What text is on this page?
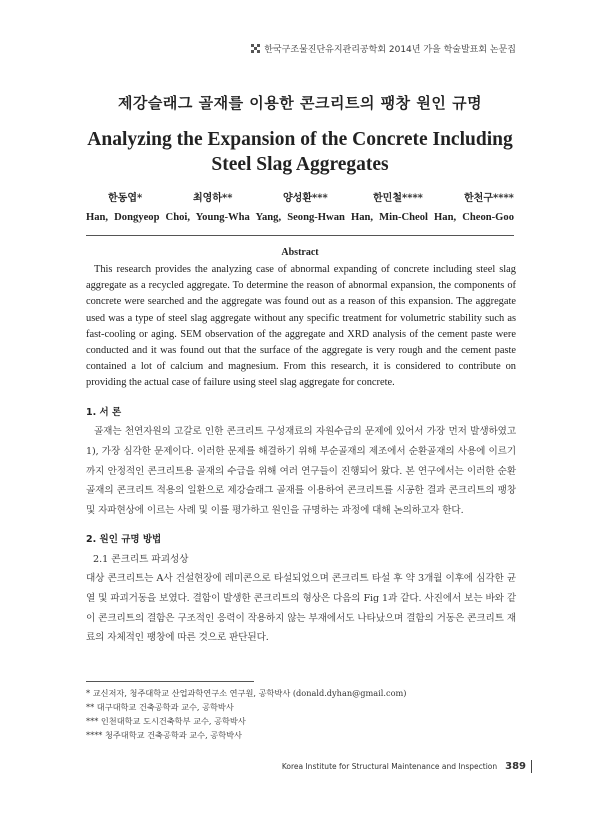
한국구조물진단유지관리공학회 2014년 가을 학술발표회 논문집
제강슬래그 골재를 이용한 콘크리트의 팽창 원인 규명
Analyzing the Expansion of the Concrete Including
Steel Slag Aggregates
한동엽*	최영하**	양성환***	한민철****	한천구****
Han, Dongyeop Choi, Young-Wha Yang, Seong-Hwan Han, Min-Cheol Han, Cheon-Goo
Abstract

This research provides the analyzing case of abnormal expanding of concrete including steel slag aggregate as a recycled aggregate. To determine the reason of abnormal expansion, the components of concrete were searched and the aggregate was found out as a reason of this expansion. The aggregate used was a type of steel slag aggregate without any specific treatment for volumetric stability such as fast-cooling or aging. SEM observation of the aggregate and XRD analysis of the cement paste were conducted and it was found out that the surface of the aggregate is very rough and the cement paste contained a lot of calcium and magnesium. From this research, it is considered to contribute on providing the actual case of failure using steel slag aggregate for concrete.

1. 서 론

골재는 천연자원의 고갈로 인한 콘크리트 구성재료의 자원수급의 문제에 있어서 가장 먼저 발생하였고1), 가장 심각한 문제이다. 이러한 문제를 해결하기 위해 부순골재의 제조에서 순환골재의 사용에 이르기까지 안정적인 콘크리트용 골재의 수급을 위해 여러 연구들이 진행되어 왔다. 본 연구에서는 이러한 순환골재의 콘크리트 적용의 일환으로 제강슬래그 골재를 이용하여 콘크리트를 시공한 결과 콘크리트의 팽창 및 자파현상에 이르는 사례 및 이를 평가하고 원인을 규명하는 과정에 대해 논의하고자 한다.

2. 원인 규명 방법
2.1 콘크리트 파괴성상

대상 콘크리트는 A사 건설현장에 레미콘으로 타설되었으며 콘크리트 타설 후 약 3개월 이후에 심각한 균열 및 파괴거동을 보였다. 결함이 발생한 콘크리트의 형상은 다음의 Fig 1과 같다. 사진에서 보는 바와 같이 콘크리트의 결함은 구조적인 응력이 작용하지 않는 부재에서도 나타났으며 결함의 거동은 콘크리트 재료의 자체적인 팽창에 따른 것으로 판단된다.

* 교신저자, 청주대학교 산업과학연구소 연구원, 공학박사 (donald.dyhan@gmail.com)
** 대구대학교 건축공학과 교수, 공학박사
*** 인천대학교 도시건축학부 교수, 공학박사
**** 청주대학교 건축공학과 교수, 공학박사
Korea Institute for Structural Maintenance and Inspection 389
